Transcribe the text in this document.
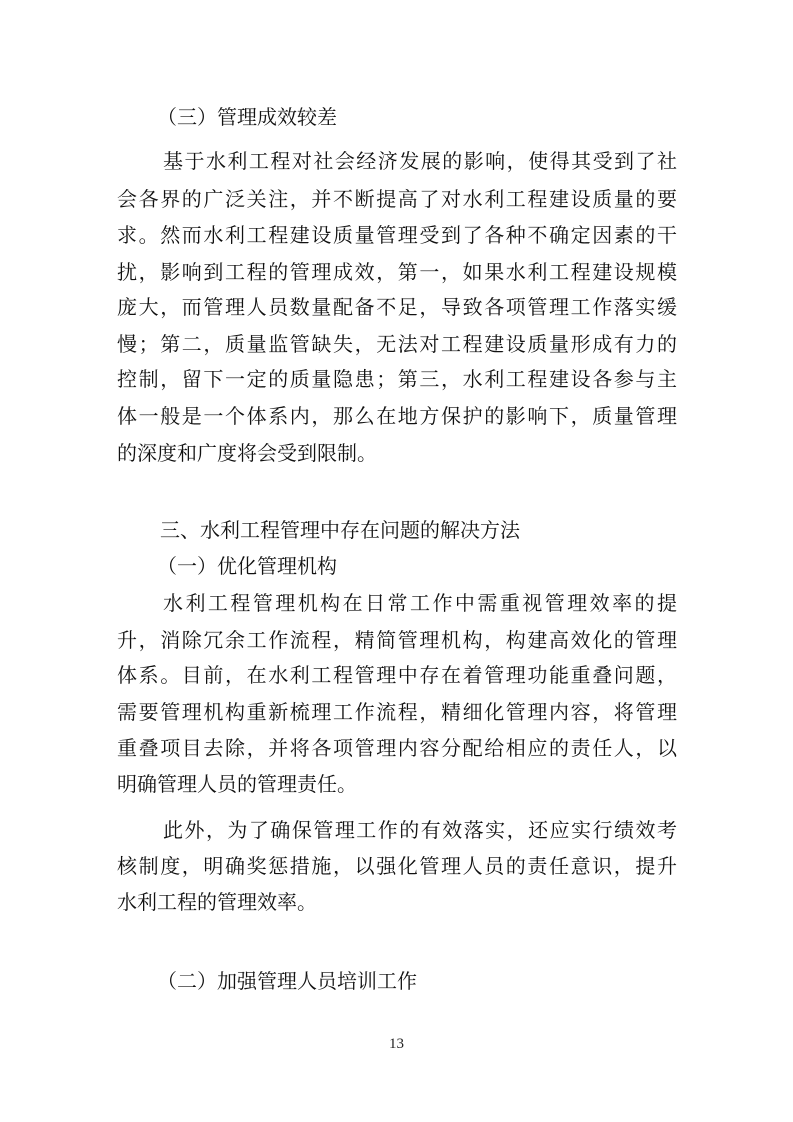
（三）管理成效较差
基于水利工程对社会经济发展的影响，使得其受到了社
会各界的广泛关注，并不断提高了对水利工程建设质量的要
求。然而水利工程建设质量管理受到了各种不确定因素的干
扰，影响到工程的管理成效，第一，如果水利工程建设规模
庞大，而管理人员数量配备不足，导致各项管理工作落实缓
慢；第二，质量监管缺失，无法对工程建设质量形成有力的
控制，留下一定的质量隐患；第三，水利工程建设各参与主
体一般是一个体系内，那么在地方保护的影响下，质量管理
的深度和广度将会受到限制。
三、水利工程管理中存在问题的解决方法
（一）优化管理机构
水利工程管理机构在日常工作中需重视管理效率的提
升，消除冗余工作流程，精简管理机构，构建高效化的管理
体系。目前，在水利工程管理中存在着管理功能重叠问题，
需要管理机构重新梳理工作流程，精细化管理内容，将管理
重叠项目去除，并将各项管理内容分配给相应的责任人，以
明确管理人员的管理责任。
此外，为了确保管理工作的有效落实，还应实行绩效考
核制度，明确奖惩措施，以强化管理人员的责任意识，提升
水利工程的管理效率。
（二）加强管理人员培训工作
13
